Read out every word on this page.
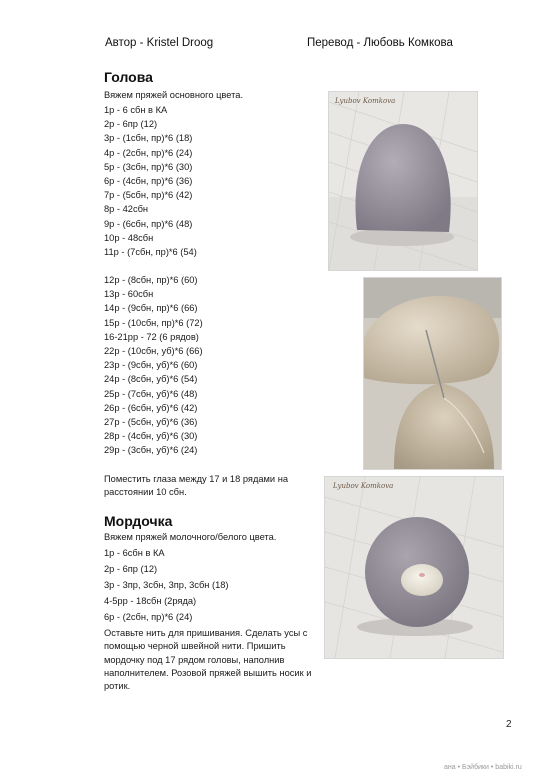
Автор - Kristel Droog	Перевод - Любовь Комкова
Голова
Вяжем пряжей основного цвета.
1р - 6 сбн в КА
2р - 6пр (12)
3р - (1сбн, пр)*6 (18)
4р - (2сбн, пр)*6 (24)
5р - (3сбн, пр)*6 (30)
6р - (4сбн, пр)*6 (36)
7р - (5сбн, пр)*6 (42)
8р - 42сбн
9р - (6сбн, пр)*6 (48)
10р - 48сбн
11р - (7сбн, пр)*6 (54)
12р - (8сбн, пр)*6 (60)
13р - 60сбн
14р - (9сбн, пр)*6 (66)
15р - (10сбн, пр)*6 (72)
16-21рр - 72 (6 рядов)
22р - (10сбн, уб)*6 (66)
23р - (9сбн, уб)*6 (60)
24р - (8сбн, уб)*6 (54)
25р - (7сбн, уб)*6 (48)
26р - (6сбн, уб)*6 (42)
27р - (5сбн, уб)*6 (36)
28р - (4сбн, уб)*6 (30)
29р - (3сбн, уб)*6 (24)
Поместить глаза между 17 и 18 рядами на расстоянии 10 сбн.
Мордочка
Вяжем пряжей молочного/белого цвета.
1р - 6сбн в КА
2р - 6пр (12)
3р - 3пр, 3сбн, 3пр, 3сбн (18)
4-5рр - 18сбн (2ряда)
6р - (2сбн, пр)*6 (24)
Оставьте нить для пришивания. Сделать усы с помощью черной швейной нити. Пришить мордочку под 17 рядом головы, наполнив наполнителем. Розовой пряжей вышить носик и ротик.
Lyubov Komkova
Lyubov Komkova
2
ана • Бэйбики • babiki.ru
